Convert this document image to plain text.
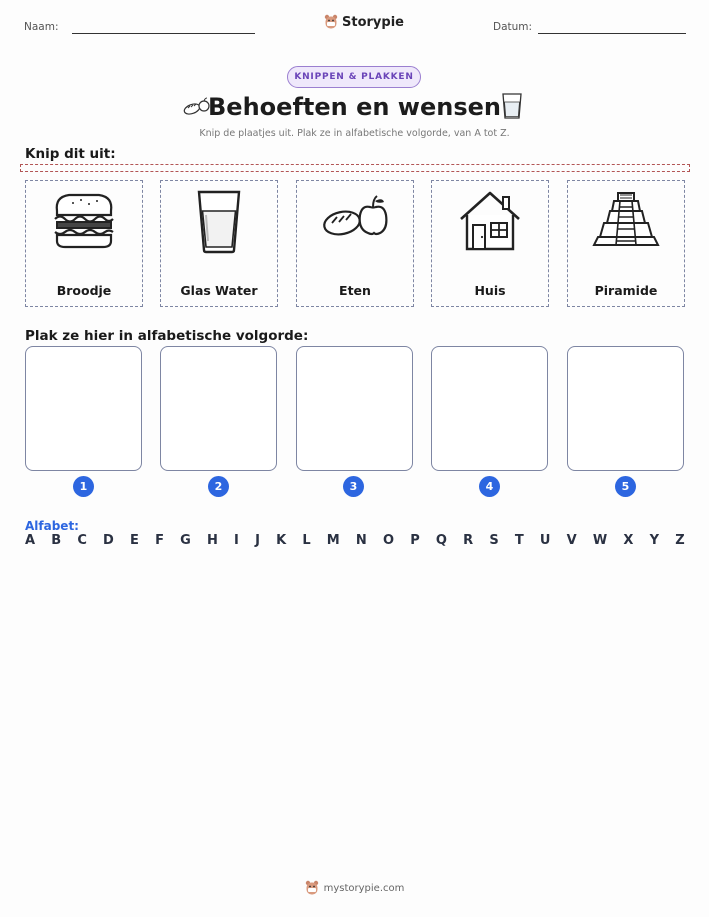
Naam:	Storypie	Datum:
KNIPPEN & PLAKKEN
Behoeften en wensen
Knip de plaatjes uit. Plak ze in alfabetische volgorde, van A tot Z.
Knip dit uit:
Broodje	Glas Water	Eten	Huis	Piramide
Plak ze hier in alfabetische volgorde:
1	2	3	4	5
Alfabet:
A B C D E F G H I J K L M N O P Q R S T U V W X Y Z
mystorypie.com
